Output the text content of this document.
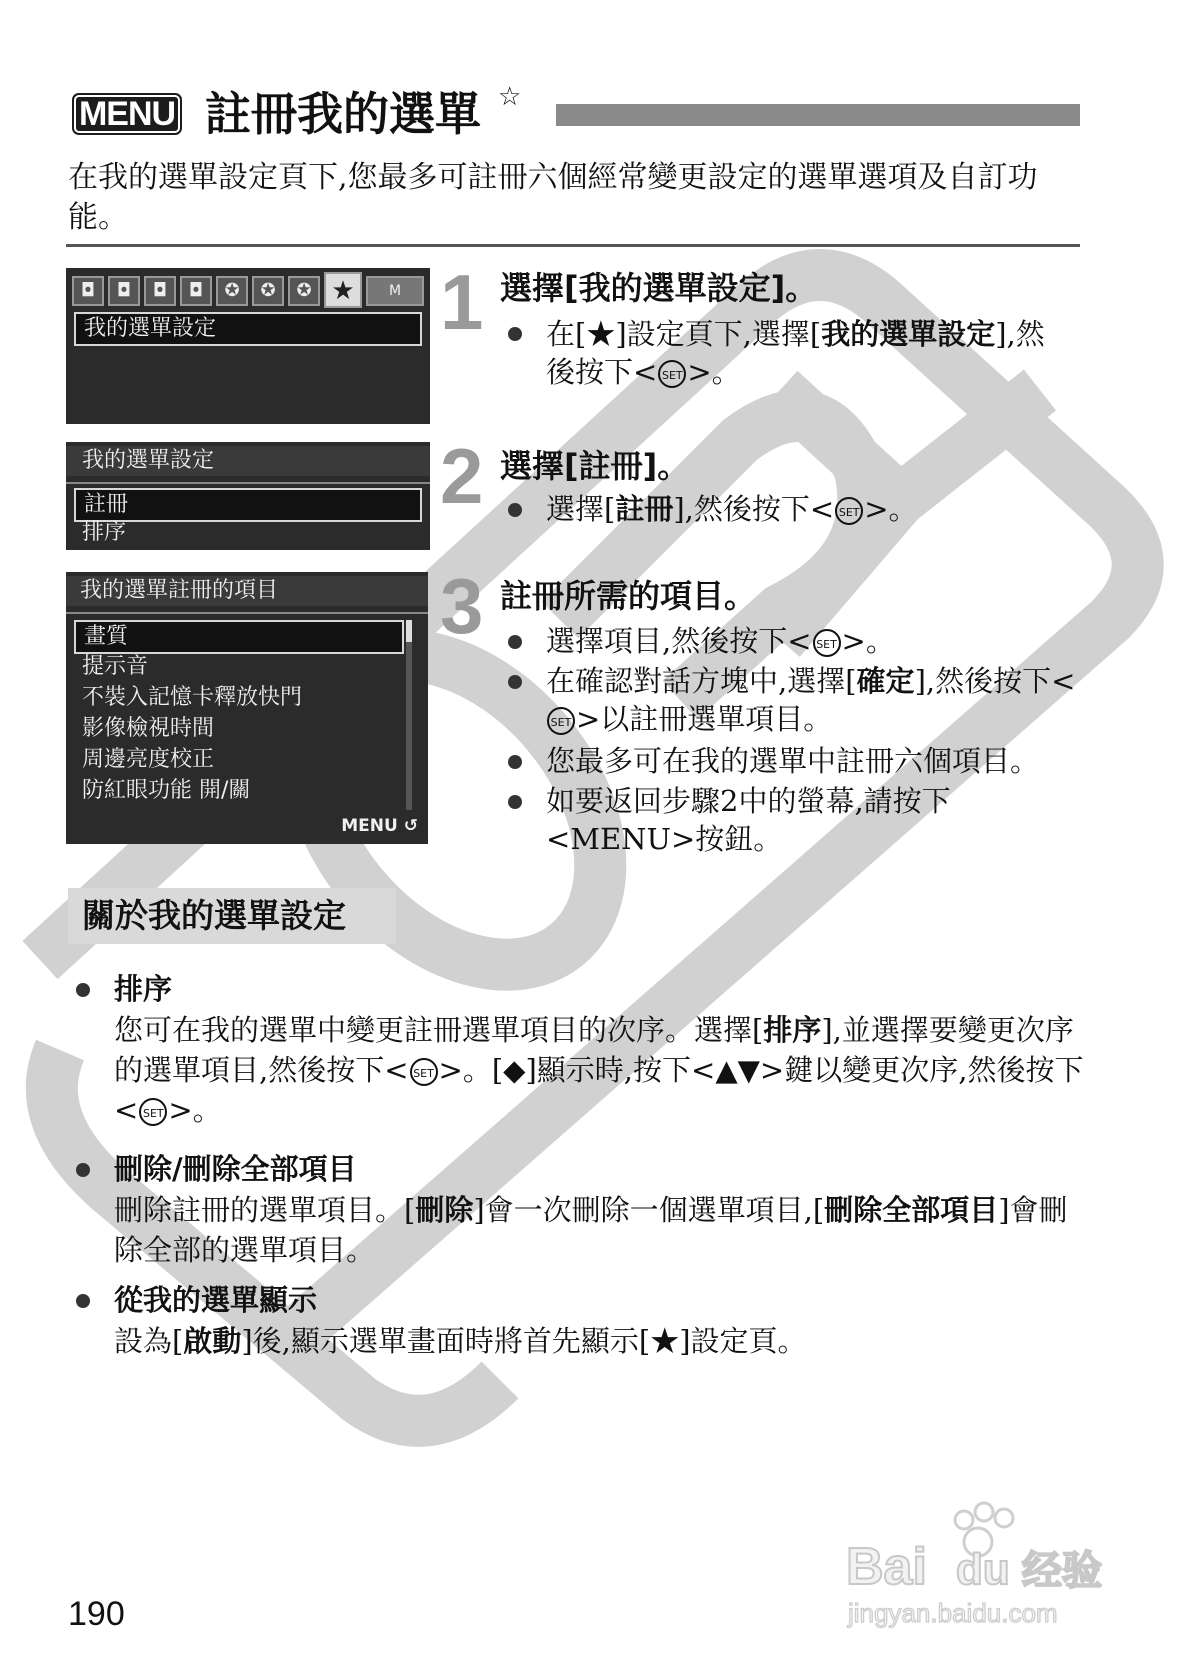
MENU 註冊我的選單 ☆
在我的選單設定頁下,您最多可註冊六個經常變更設定的選單選項及自訂功能。
◘	◘	◘	◘	✪	✪	✪ ★	M
我的選單設定
我的選單設定
註冊
排序
我的選單註冊的項目
畫質
提示音
不裝入記憶卡釋放快門
影像檢視時間
周邊亮度校正
防紅眼功能 開/關
MENU ↺
1 選擇[我的選單設定]。
在[★]設定頁下,選擇[我的選單設定],然後按下< SET >。
2 選擇[註冊]。
選擇[註冊],然後按下< SET >。
3 註冊所需的項目。
選擇項目,然後按下< SET >。
在確認對話方塊中,選擇[確定],然後按下<SET >以註冊選單項目。
您最多可在我的選單中註冊六個項目。
如要返回步驟2中的螢幕,請按下<MENU>按鈕。
關於我的選單設定
排序
您可在我的選單中變更註冊選單項目的次序。選擇[排序],並選擇要變更次序的選單項目,然後按下< SET >。[◆]顯示時,按下<▲▼>鍵以變更次序,然後按下< SET >。
刪除/刪除全部項目
刪除註冊的選單項目。[刪除]會一次刪除一個選單項目,[刪除全部項目]會刪除全部的選單項目。
從我的選單顯示
設為[啟動]後,顯示選單畫面時將首先顯示[★]設定頁。
Bai du 经验
jingyan.baidu.com
190
